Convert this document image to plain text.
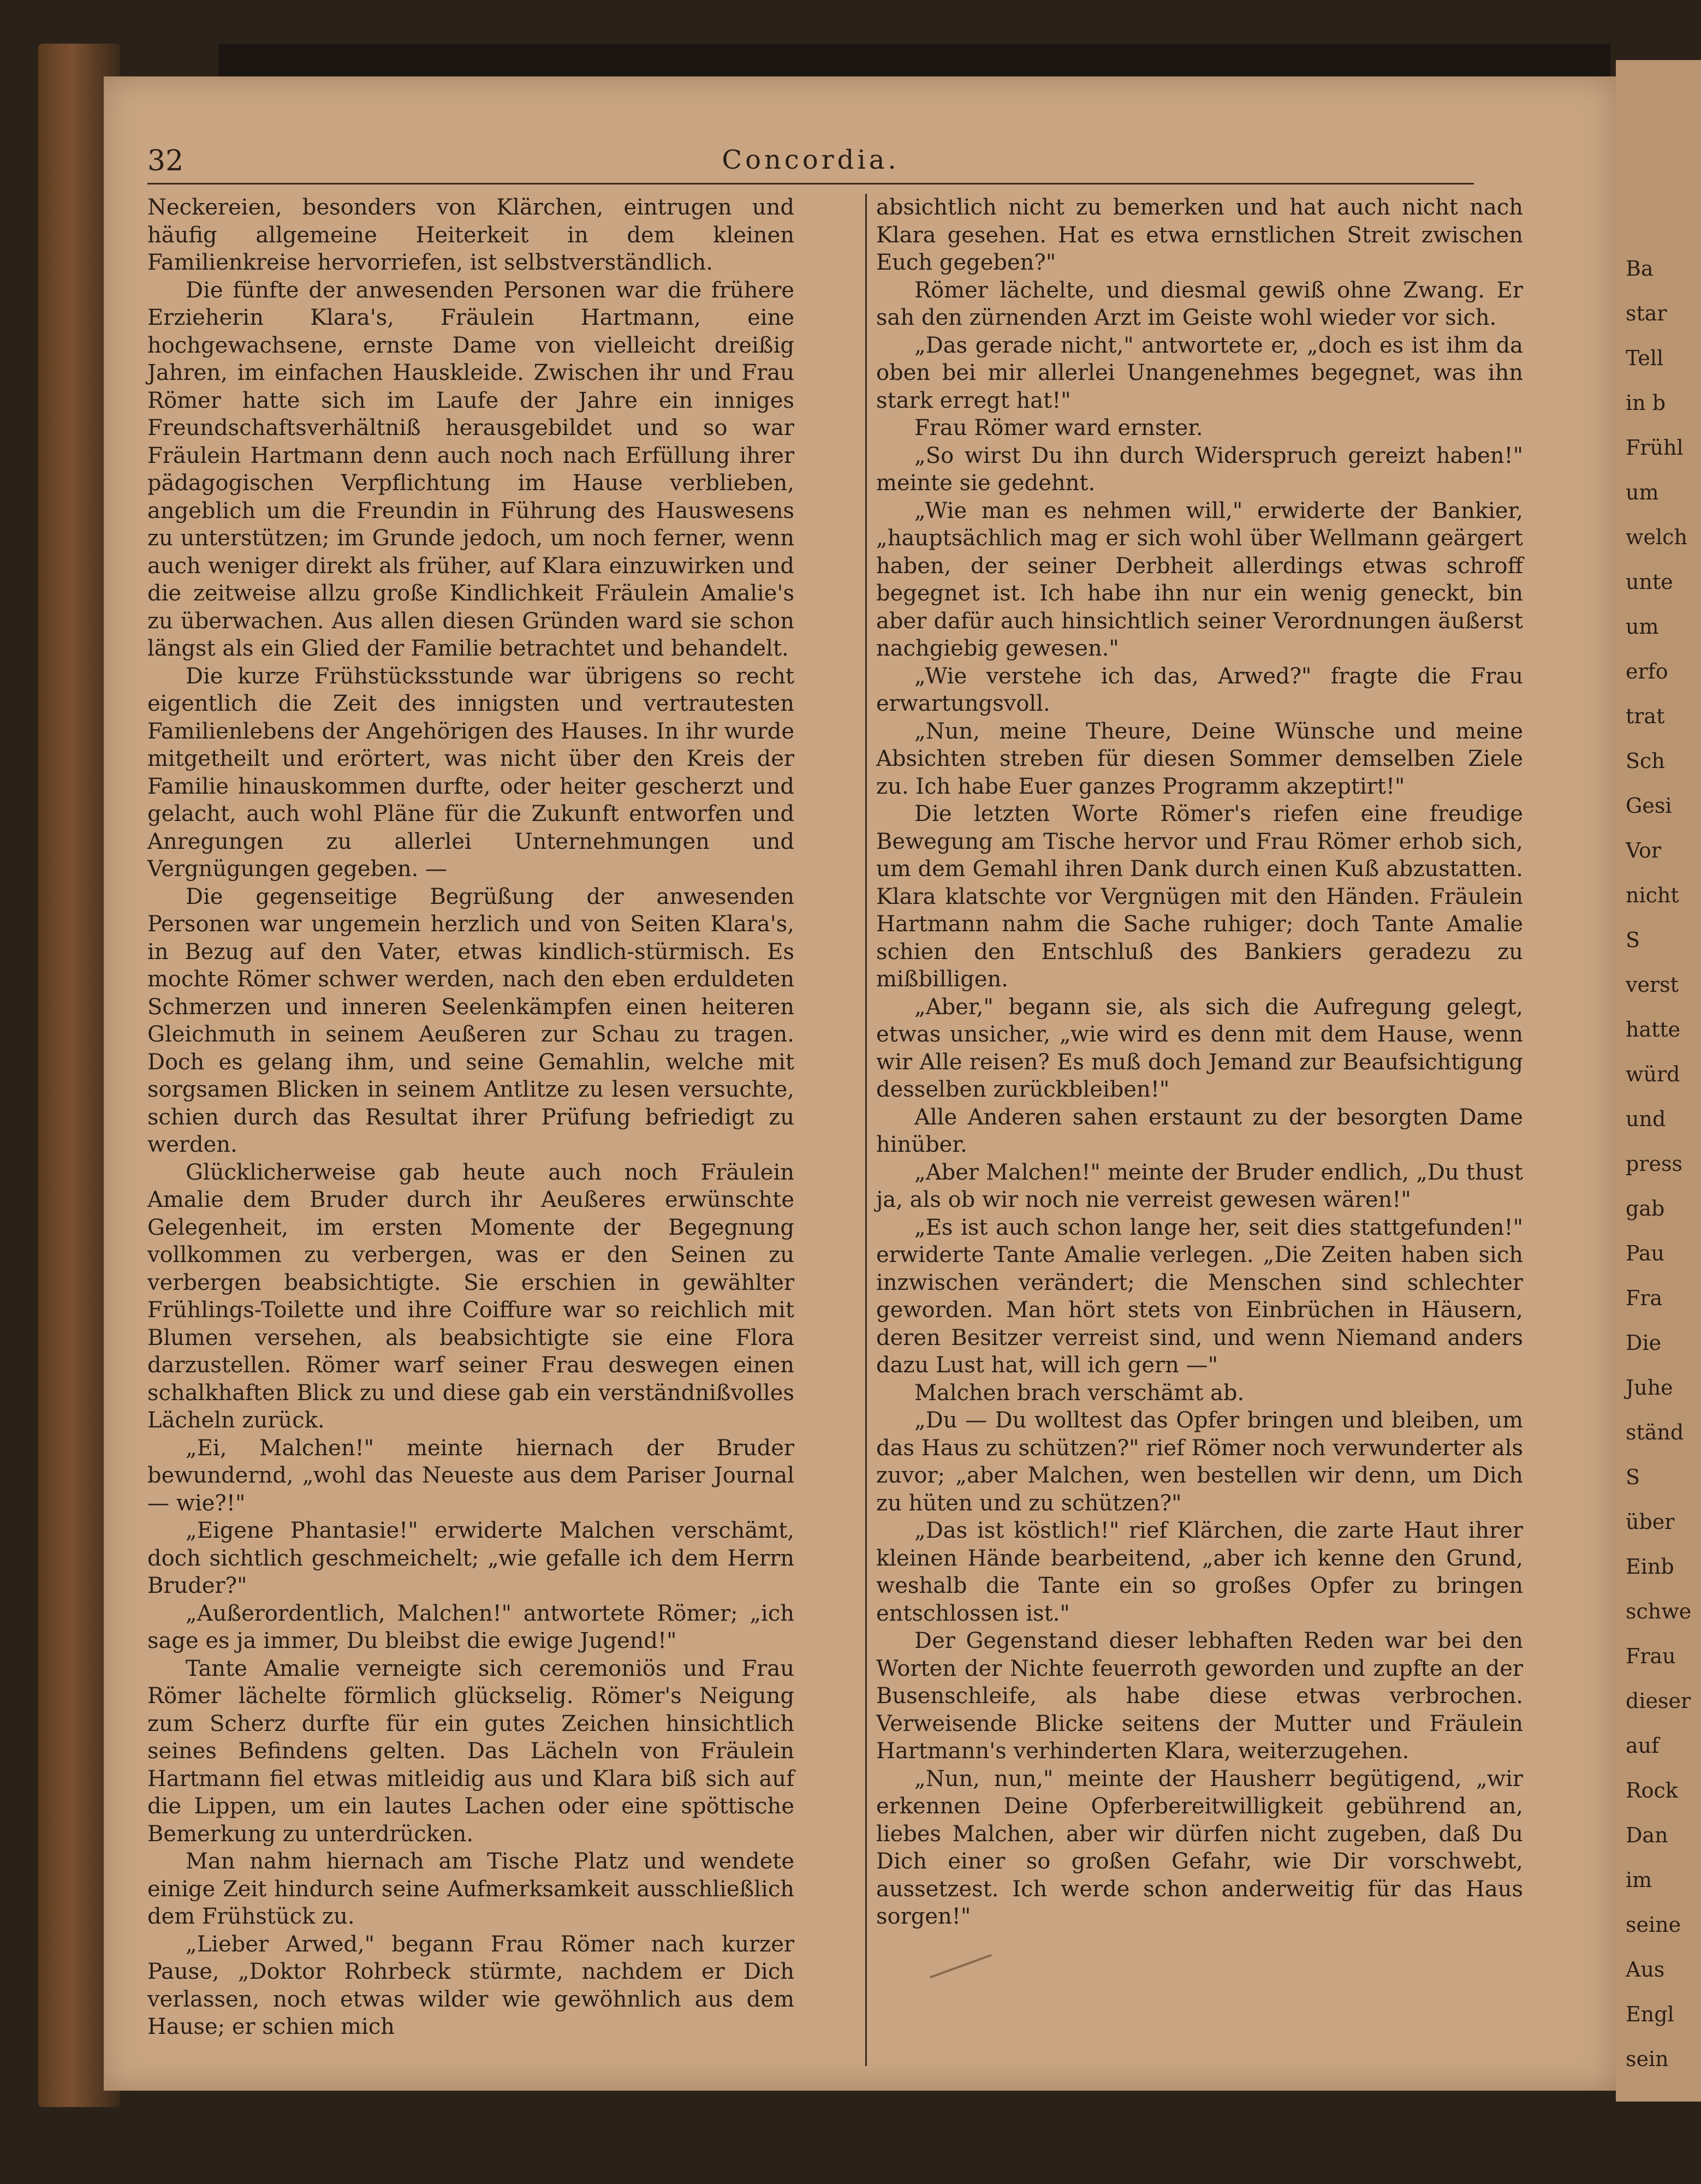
32	Concordia.

Neckereien, besonders von Klärchen, eintrugen und häufig allgemeine Heiterkeit in dem kleinen Familienkreise hervorriefen, ist selbstverständlich.

Die fünfte der anwesenden Personen war die frühere Erzieherin Klara's, Fräulein Hartmann, eine hochgewachsene, ernste Dame von vielleicht dreißig Jahren, im einfachen Hauskleide. Zwischen ihr und Frau Römer hatte sich im Laufe der Jahre ein inniges Freundschaftsverhältniß herausgebildet und so war Fräulein Hartmann denn auch noch nach Erfüllung ihrer pädagogischen Verpflichtung im Hause verblieben, angeblich um die Freundin in Führung des Hauswesens zu unterstützen; im Grunde jedoch, um noch ferner, wenn auch weniger direkt als früher, auf Klara einzuwirken und die zeitweise allzu große Kindlichkeit Fräulein Amalie's zu überwachen. Aus allen diesen Gründen ward sie schon längst als ein Glied der Familie betrachtet und behandelt.

Die kurze Frühstücksstunde war übrigens so recht eigentlich die Zeit des innigsten und vertrautesten Familienlebens der Angehörigen des Hauses. In ihr wurde mitgetheilt und erörtert, was nicht über den Kreis der Familie hinauskommen durfte, oder heiter gescherzt und gelacht, auch wohl Pläne für die Zukunft entworfen und Anregungen zu allerlei Unternehmungen und Vergnügungen gegeben. —

Die gegenseitige Begrüßung der anwesenden Personen war ungemein herzlich und von Seiten Klara's, in Bezug auf den Vater, etwas kindlich-stürmisch. Es mochte Römer schwer werden, nach den eben erduldeten Schmerzen und inneren Seelenkämpfen einen heiteren Gleichmuth in seinem Aeußeren zur Schau zu tragen. Doch es gelang ihm, und seine Gemahlin, welche mit sorgsamen Blicken in seinem Antlitze zu lesen versuchte, schien durch das Resultat ihrer Prüfung befriedigt zu werden.

Glücklicherweise gab heute auch noch Fräulein Amalie dem Bruder durch ihr Aeußeres erwünschte Gelegenheit, im ersten Momente der Begegnung vollkommen zu verbergen, was er den Seinen zu verbergen beabsichtigte. Sie erschien in gewählter Frühlings-Toilette und ihre Coiffure war so reichlich mit Blumen versehen, als beabsichtigte sie eine Flora darzustellen. Römer warf seiner Frau deswegen einen schalkhaften Blick zu und diese gab ein verständnißvolles Lächeln zurück.

„Ei, Malchen!" meinte hiernach der Bruder bewundernd, „wohl das Neueste aus dem Pariser Journal — wie?!"

„Eigene Phantasie!" erwiderte Malchen verschämt, doch sichtlich geschmeichelt; „wie gefalle ich dem Herrn Bruder?"

„Außerordentlich, Malchen!" antwortete Römer; „ich sage es ja immer, Du bleibst die ewige Jugend!"

Tante Amalie verneigte sich ceremoniös und Frau Römer lächelte förmlich glückselig. Römer's Neigung zum Scherz durfte für ein gutes Zeichen hinsichtlich seines Befindens gelten. Das Lächeln von Fräulein Hartmann fiel etwas mitleidig aus und Klara biß sich auf die Lippen, um ein lautes Lachen oder eine spöttische Bemerkung zu unterdrücken.

Man nahm hiernach am Tische Platz und wendete einige Zeit hindurch seine Aufmerksamkeit ausschließlich dem Frühstück zu.

„Lieber Arwed," begann Frau Römer nach kurzer Pause, „Doktor Rohrbeck stürmte, nachdem er Dich verlassen, noch etwas wilder wie gewöhnlich aus dem Hause; er schien mich

absichtlich nicht zu bemerken und hat auch nicht nach Klara gesehen. Hat es etwa ernstlichen Streit zwischen Euch gegeben?"

Römer lächelte, und diesmal gewiß ohne Zwang. Er sah den zürnenden Arzt im Geiste wohl wieder vor sich.

„Das gerade nicht," antwortete er, „doch es ist ihm da oben bei mir allerlei Unangenehmes begegnet, was ihn stark erregt hat!"

Frau Römer ward ernster.

„So wirst Du ihn durch Widerspruch gereizt haben!" meinte sie gedehnt.

„Wie man es nehmen will," erwiderte der Bankier, „hauptsächlich mag er sich wohl über Wellmann geärgert haben, der seiner Derbheit allerdings etwas schroff begegnet ist. Ich habe ihn nur ein wenig geneckt, bin aber dafür auch hinsichtlich seiner Verordnungen äußerst nachgiebig gewesen."

„Wie verstehe ich das, Arwed?" fragte die Frau erwartungsvoll.

„Nun, meine Theure, Deine Wünsche und meine Absichten streben für diesen Sommer demselben Ziele zu. Ich habe Euer ganzes Programm akzeptirt!"

Die letzten Worte Römer's riefen eine freudige Bewegung am Tische hervor und Frau Römer erhob sich, um dem Gemahl ihren Dank durch einen Kuß abzustatten. Klara klatschte vor Vergnügen mit den Händen. Fräulein Hartmann nahm die Sache ruhiger; doch Tante Amalie schien den Entschluß des Bankiers geradezu zu mißbilligen.

„Aber," begann sie, als sich die Aufregung gelegt, etwas unsicher, „wie wird es denn mit dem Hause, wenn wir Alle reisen? Es muß doch Jemand zur Beaufsichtigung desselben zurückbleiben!"

Alle Anderen sahen erstaunt zu der besorgten Dame hinüber.

„Aber Malchen!" meinte der Bruder endlich, „Du thust ja, als ob wir noch nie verreist gewesen wären!"

„Es ist auch schon lange her, seit dies stattgefunden!" erwiderte Tante Amalie verlegen. „Die Zeiten haben sich inzwischen verändert; die Menschen sind schlechter geworden. Man hört stets von Einbrüchen in Häusern, deren Besitzer verreist sind, und wenn Niemand anders dazu Lust hat, will ich gern —"

Malchen brach verschämt ab.

„Du — Du wolltest das Opfer bringen und bleiben, um das Haus zu schützen?" rief Römer noch verwunderter als zuvor; „aber Malchen, wen bestellen wir denn, um Dich zu hüten und zu schützen?"

„Das ist köstlich!" rief Klärchen, die zarte Haut ihrer kleinen Hände bearbeitend, „aber ich kenne den Grund, weshalb die Tante ein so großes Opfer zu bringen entschlossen ist."

Der Gegenstand dieser lebhaften Reden war bei den Worten der Nichte feuerroth geworden und zupfte an der Busenschleife, als habe diese etwas verbrochen. Verweisende Blicke seitens der Mutter und Fräulein Hartmann's verhinderten Klara, weiterzugehen.

„Nun, nun," meinte der Hausherr begütigend, „wir erkennen Deine Opferbereitwilligkeit gebührend an, liebes Malchen, aber wir dürfen nicht zugeben, daß Du Dich einer so großen Gefahr, wie Dir vorschwebt, aussetzest. Ich werde schon anderweitig für das Haus sorgen!"

Ba
star
Tell
in b
Frühl
um
welch
unte
um
erfo
trat
Sch
Gesi
Vor
nicht
S
verst
hatte
würd
und
press
gab
Pau
Fra
Die
Juhe
ständ
S
über
Einb
schwe
Frau
dieser
auf
Rock
Dan
im
seine
Aus
Engl
sein
